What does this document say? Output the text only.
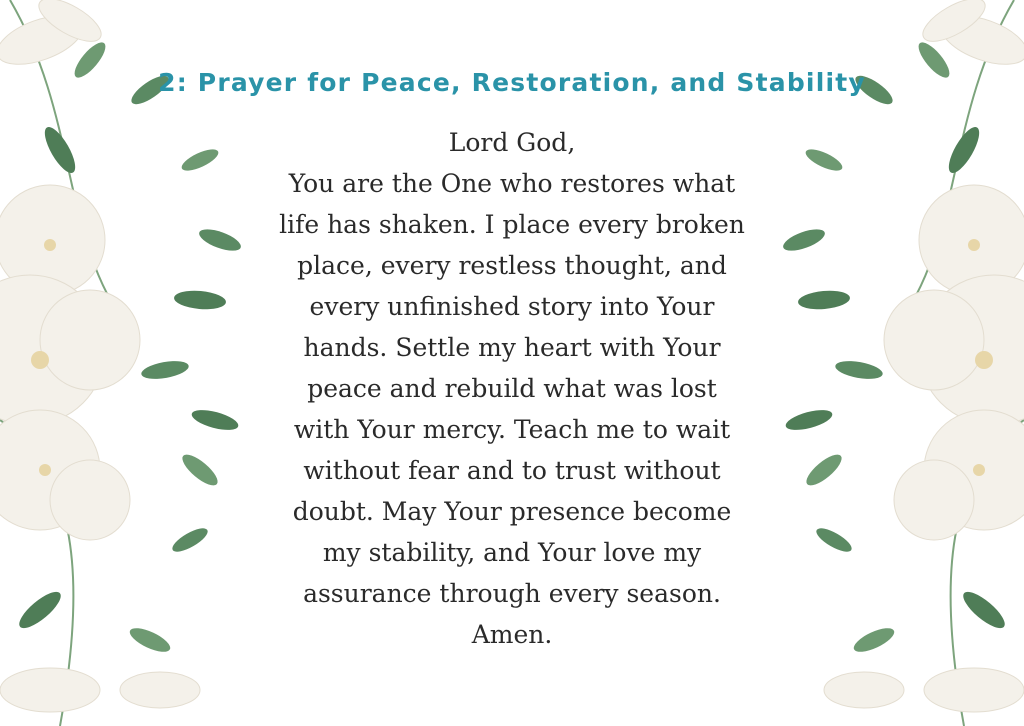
2: Prayer for Peace, Restoration, and Stability
Lord God,
You are the One who restores what
life has shaken. I place every broken
place, every restless thought, and
every unfinished story into Your
hands. Settle my heart with Your
peace and rebuild what was lost
with Your mercy. Teach me to wait
without fear and to trust without
doubt. May Your presence become
my stability, and Your love my
assurance through every season.
Amen.
